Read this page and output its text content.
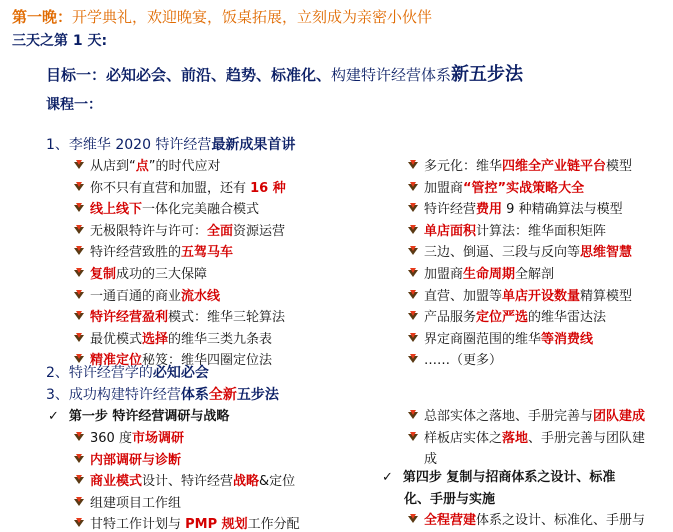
第一晚：开学典礼，欢迎晚宴，饭桌拓展，立刻成为亲密小伙伴
三天之第 1 天:
目标一：必知必会、前沿、趋势、标准化、构建特许经营体系新五步法
课程一：
1、李维华 2020 特许经营最新成果首讲
从店到“点”的时代应对
你不只有直营和加盟，还有 16 种
线上线下一体化完美融合模式
无极限特许与许可：全面资源运营
特许经营致胜的五驾马车
复制成功的三大保障
一通百通的商业流水线
特许经营盈利模式：维华三轮算法
最优模式选择的维华三类九条表
精准定位秘笈：维华四圈定位法
多元化：维华四维全产业链平台模型
加盟商“管控”实战策略大全
特许经营费用 9 种精确算法与模型
单店面积计算法：维华面积矩阵
三边、倒逼、三段与反向等思维智慧
加盟商生命周期全解剖
直营、加盟等单店开设数量精算模型
产品服务定位严选的维华雷达法
界定商圈范围的维华等消费线
……（更多）
2、特许经营学的必知必会
3、成功构建特许经营体系全新五步法
✓ 第一步 特许经营调研与战略
360 度市场调研
内部调研与诊断
商业模式设计、特许经营战略&定位
组建项目工作组
甘特工作计划与 PMP 规划工作分配
总部实体之落地、手册完善与团队建成
样板店实体之落地、手册完善与团队建
成
✓ 第四步 复制与招商体系之设计、标准
化、手册与实施
全程营建体系之设计、标准化、手册与
